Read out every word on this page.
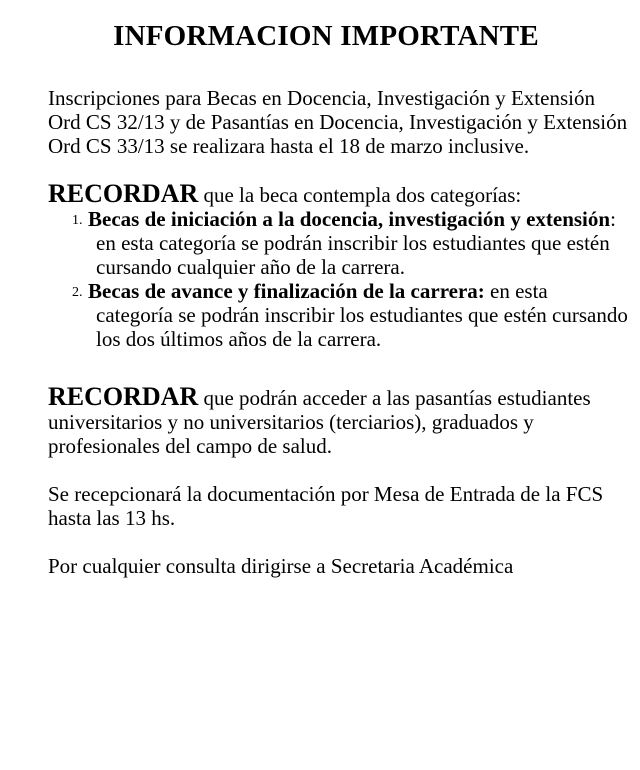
INFORMACION IMPORTANTE

Inscripciones para Becas en Docencia, Investigación y Extensión Ord CS 32/13 y de Pasantías en Docencia, Investigación y Extensión Ord CS 33/13 se realizara hasta el 18 de marzo inclusive.

RECORDAR que la beca contempla dos categorías:

1. Becas de iniciación a la docencia, investigación y extensión: en esta categoría se podrán inscribir los estudiantes que estén cursando cualquier año de la carrera.
2. Becas de avance y finalización de la carrera: en esta categoría se podrán inscribir los estudiantes que estén cursando los dos últimos años de la carrera.

RECORDAR que podrán acceder a las pasantías estudiantes universitarios y no universitarios (terciarios), graduados y profesionales del campo de salud.

Se recepcionará la documentación por Mesa de Entrada de la FCS hasta las 13 hs.

Por cualquier consulta dirigirse a Secretaria Académica
